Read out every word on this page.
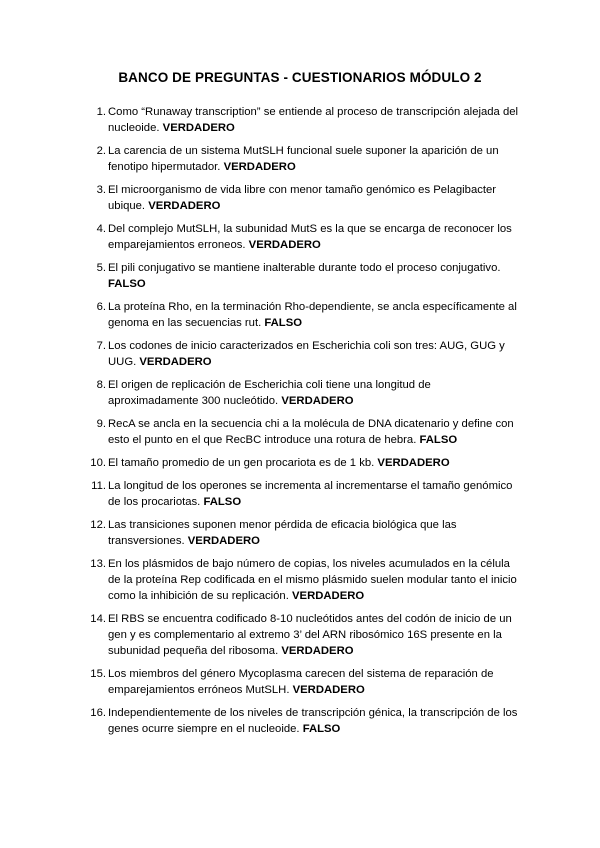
BANCO DE PREGUNTAS - CUESTIONARIOS MÓDULO 2
1. Como “Runaway transcription” se entiende al proceso de transcripción alejada del nucleoide. VERDADERO
2. La carencia de un sistema MutSLH funcional suele suponer la aparición de un fenotipo hipermutador. VERDADERO
3. El microorganismo de vida libre con menor tamaño genómico es Pelagibacter ubique. VERDADERO
4. Del complejo MutSLH, la subunidad MutS es la que se encarga de reconocer los emparejamientos erroneos. VERDADERO
5. El pili conjugativo se mantiene inalterable durante todo el proceso conjugativo. FALSO
6. La proteína Rho, en la terminación Rho-dependiente, se ancla específicamente al genoma en las secuencias rut. FALSO
7. Los codones de inicio caracterizados en Escherichia coli son tres: AUG, GUG y UUG. VERDADERO
8. El origen de replicación de Escherichia coli tiene una longitud de aproximadamente 300 nucleótido. VERDADERO
9. RecA se ancla en la secuencia chi a la molécula de DNA dicatenario y define con esto el punto en el que RecBC introduce una rotura de hebra. FALSO
10. El tamaño promedio de un gen procariota es de 1 kb. VERDADERO
11. La longitud de los operones se incrementa al incrementarse el tamaño genómico de los procariotas. FALSO
12. Las transiciones suponen menor pérdida de eficacia biológica que las transversiones. VERDADERO
13. En los plásmidos de bajo número de copias, los niveles acumulados en la célula de la proteína Rep codificada en el mismo plásmido suelen modular tanto el inicio como la inhibición de su replicación. VERDADERO
14. El RBS se encuentra codificado 8-10 nucleótidos antes del codón de inicio de un gen y es complementario al extremo 3’ del ARN ribosómico 16S presente en la subunidad pequeña del ribosoma. VERDADERO
15. Los miembros del género Mycoplasma carecen del sistema de reparación de emparejamientos erróneos MutSLH. VERDADERO
16. Independientemente de los niveles de transcripción génica, la transcripción de los genes ocurre siempre en el nucleoide. FALSO
